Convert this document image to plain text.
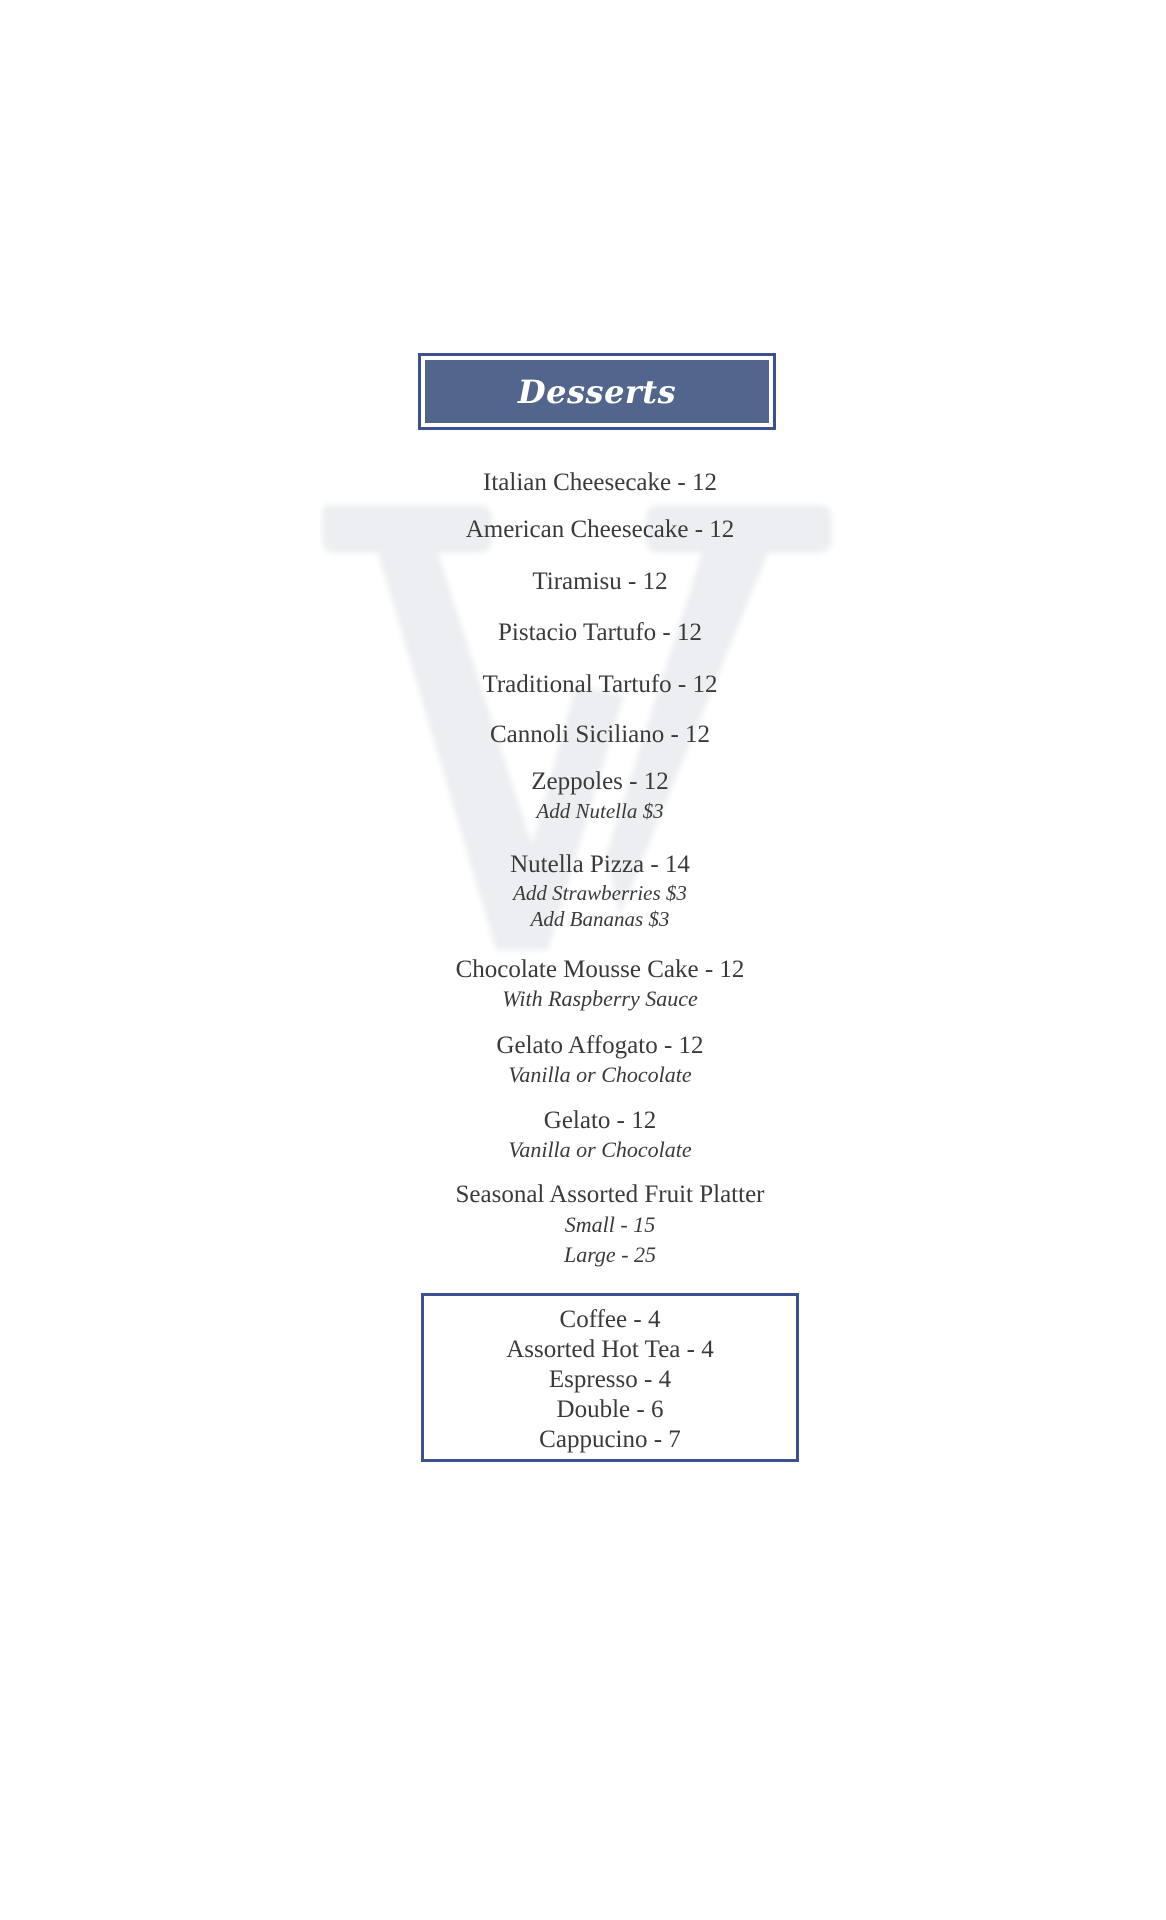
Desserts
Italian Cheesecake - 12
American Cheesecake - 12
Tiramisu - 12
Pistacio Tartufo - 12
Traditional Tartufo - 12
Cannoli Siciliano - 12
Zeppoles - 12
Add Nutella $3
Nutella Pizza - 14
Add Strawberries $3
Add Bananas $3
Chocolate Mousse Cake - 12
With Raspberry Sauce
Gelato Affogato - 12
Vanilla or Chocolate
Gelato - 12
Vanilla or Chocolate
Seasonal Assorted Fruit Platter
Small - 15
Large - 25
Coffee - 4
Assorted Hot Tea - 4
Espresso - 4
Double - 6
Cappucino - 7
